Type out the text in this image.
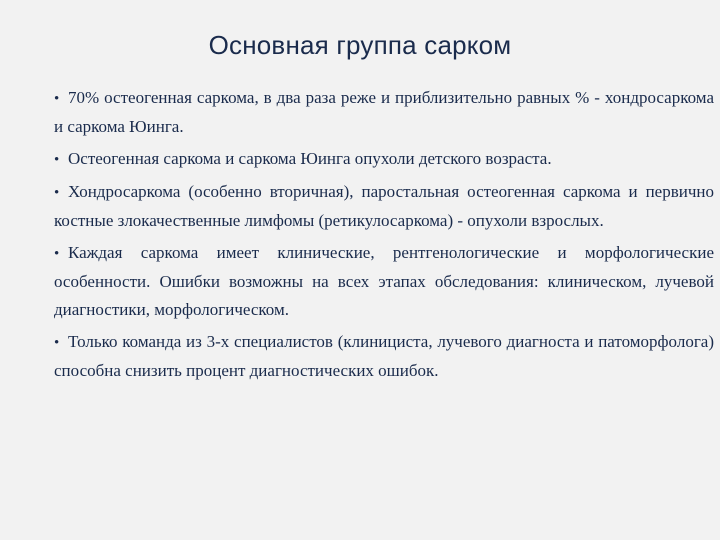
Основная группа сарком

• 70% остеогенная саркома, в два раза реже и приблизительно равных % - хондросаркома и саркома Юинга.

• Остеогенная саркома и саркома Юинга опухоли детского возраста.

• Хондросаркома (особенно вторичная), паростальная остеогенная саркома и первично костные злокачественные лимфомы (ретикулосаркома) - опухоли взрослых.

• Каждая саркома имеет клинические, рентгенологические и морфологические особенности. Ошибки возможны на всех этапах обследования: клиническом, лучевой диагностики, морфологическом.

• Только команда из 3-х специалистов (клинициста, лучевого диагноста и патоморфолога) способна снизить процент диагностических ошибок.
